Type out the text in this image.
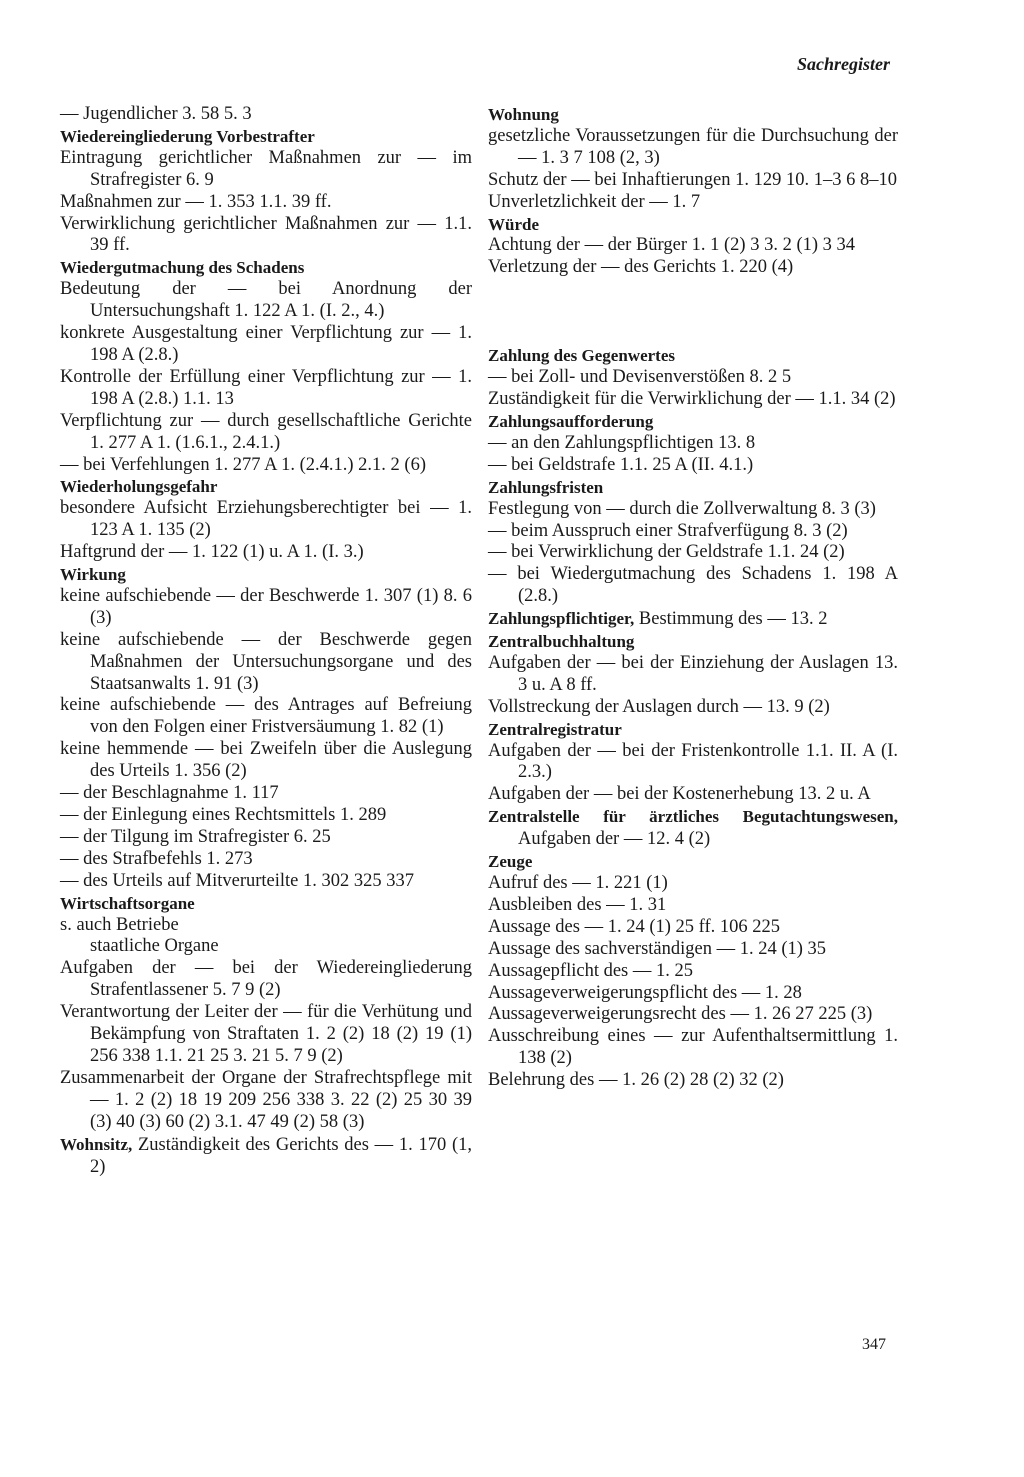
Sachregister
— Jugendlicher 3. 58 5. 3
Wiedereingliederung Vorbestrafter
Eintragung gerichtlicher Maßnahmen zur — im Strafregister 6. 9
Maßnahmen zur — 1. 353 1.1. 39 ff.
Verwirklichung gerichtlicher Maßnahmen zur — 1.1. 39 ff.
Wiedergutmachung des Schadens
Bedeutung der — bei Anordnung der Untersuchungshaft 1. 122 A 1. (I. 2., 4.)
konkrete Ausgestaltung einer Verpflichtung zur — 1. 198 A (2.8.)
Kontrolle der Erfüllung einer Verpflichtung zur — 1. 198 A (2.8.) 1.1. 13
Verpflichtung zur — durch gesellschaftliche Gerichte 1. 277 A 1. (1.6.1., 2.4.1.)
— bei Verfehlungen 1. 277 A 1. (2.4.1.) 2.1. 2 (6)
Wiederholungsgefahr
besondere Aufsicht Erziehungsberechtigter bei — 1. 123 A 1. 135 (2)
Haftgrund der — 1. 122 (1) u. A 1. (I. 3.)
Wirkung
keine aufschiebende — der Beschwerde 1. 307 (1) 8. 6 (3)
keine aufschiebende — der Beschwerde gegen Maßnahmen der Untersuchungsorgane und des Staatsanwalts 1. 91 (3)
keine aufschiebende — des Antrages auf Befreiung von den Folgen einer Fristversäumung 1. 82 (1)
keine hemmende — bei Zweifeln über die Auslegung des Urteils 1. 356 (2)
— der Beschlagnahme 1. 117
— der Einlegung eines Rechtsmittels 1. 289
— der Tilgung im Strafregister 6. 25
— des Strafbefehls 1. 273
— des Urteils auf Mitverurteilte 1. 302 325 337
Wirtschaftsorgane
s. auch Betriebe
staatliche Organe
Aufgaben der — bei der Wiedereingliederung Strafentlassener 5. 7 9 (2)
Verantwortung der Leiter der — für die Verhütung und Bekämpfung von Straftaten 1. 2 (2) 18 (2) 19 (1) 256 338 1.1. 21 25 3. 21 5. 7 9 (2)
Zusammenarbeit der Organe der Strafrechtspflege mit — 1. 2 (2) 18 19 209 256 338 3. 22 (2) 25 30 39 (3) 40 (3) 60 (2) 3.1. 47 49 (2) 58 (3)
Wohnsitz, Zuständigkeit des Gerichts des — 1. 170 (1, 2)
Wohnung
gesetzliche Voraussetzungen für die Durchsuchung der — 1. 3 7 108 (2, 3)
Schutz der — bei Inhaftierungen 1. 129 10. 1–3 6 8–10
Unverletzlichkeit der — 1. 7
Würde
Achtung der — der Bürger 1. 1 (2) 3 3. 2 (1) 3 34
Verletzung der — des Gerichts 1. 220 (4)
Zahlung des Gegenwertes
— bei Zoll- und Devisenverstößen 8. 2 5
Zuständigkeit für die Verwirklichung der — 1.1. 34 (2)
Zahlungsaufforderung
— an den Zahlungspflichtigen 13. 8
— bei Geldstrafe 1.1. 25 A (II. 4.1.)
Zahlungsfristen
Festlegung von — durch die Zollverwaltung 8. 3 (3)
— beim Ausspruch einer Strafverfügung 8. 3 (2)
— bei Verwirklichung der Geldstrafe 1.1. 24 (2)
— bei Wiedergutmachung des Schadens 1. 198 A (2.8.)
Zahlungspflichtiger, Bestimmung des — 13. 2
Zentralbuchhaltung
Aufgaben der — bei der Einziehung der Auslagen 13. 3 u. A 8 ff.
Vollstreckung der Auslagen durch — 13. 9 (2)
Zentralregistratur
Aufgaben der — bei der Fristenkontrolle 1.1. II. A (I. 2.3.)
Aufgaben der — bei der Kostenerhebung 13. 2 u. A
Zentralstelle für ärztliches Begutachtungswesen, Aufgaben der — 12. 4 (2)
Zeuge
Aufruf des — 1. 221 (1)
Ausbleiben des — 1. 31
Aussage des — 1. 24 (1) 25 ff. 106 225
Aussage des sachverständigen — 1. 24 (1) 35
Aussagepflicht des — 1. 25
Aussageverweigerungspflicht des — 1. 28
Aussageverweigerungsrecht des — 1. 26 27 225 (3)
Ausschreibung eines — zur Aufenthaltsermittlung 1. 138 (2)
Belehrung des — 1. 26 (2) 28 (2) 32 (2)
347
